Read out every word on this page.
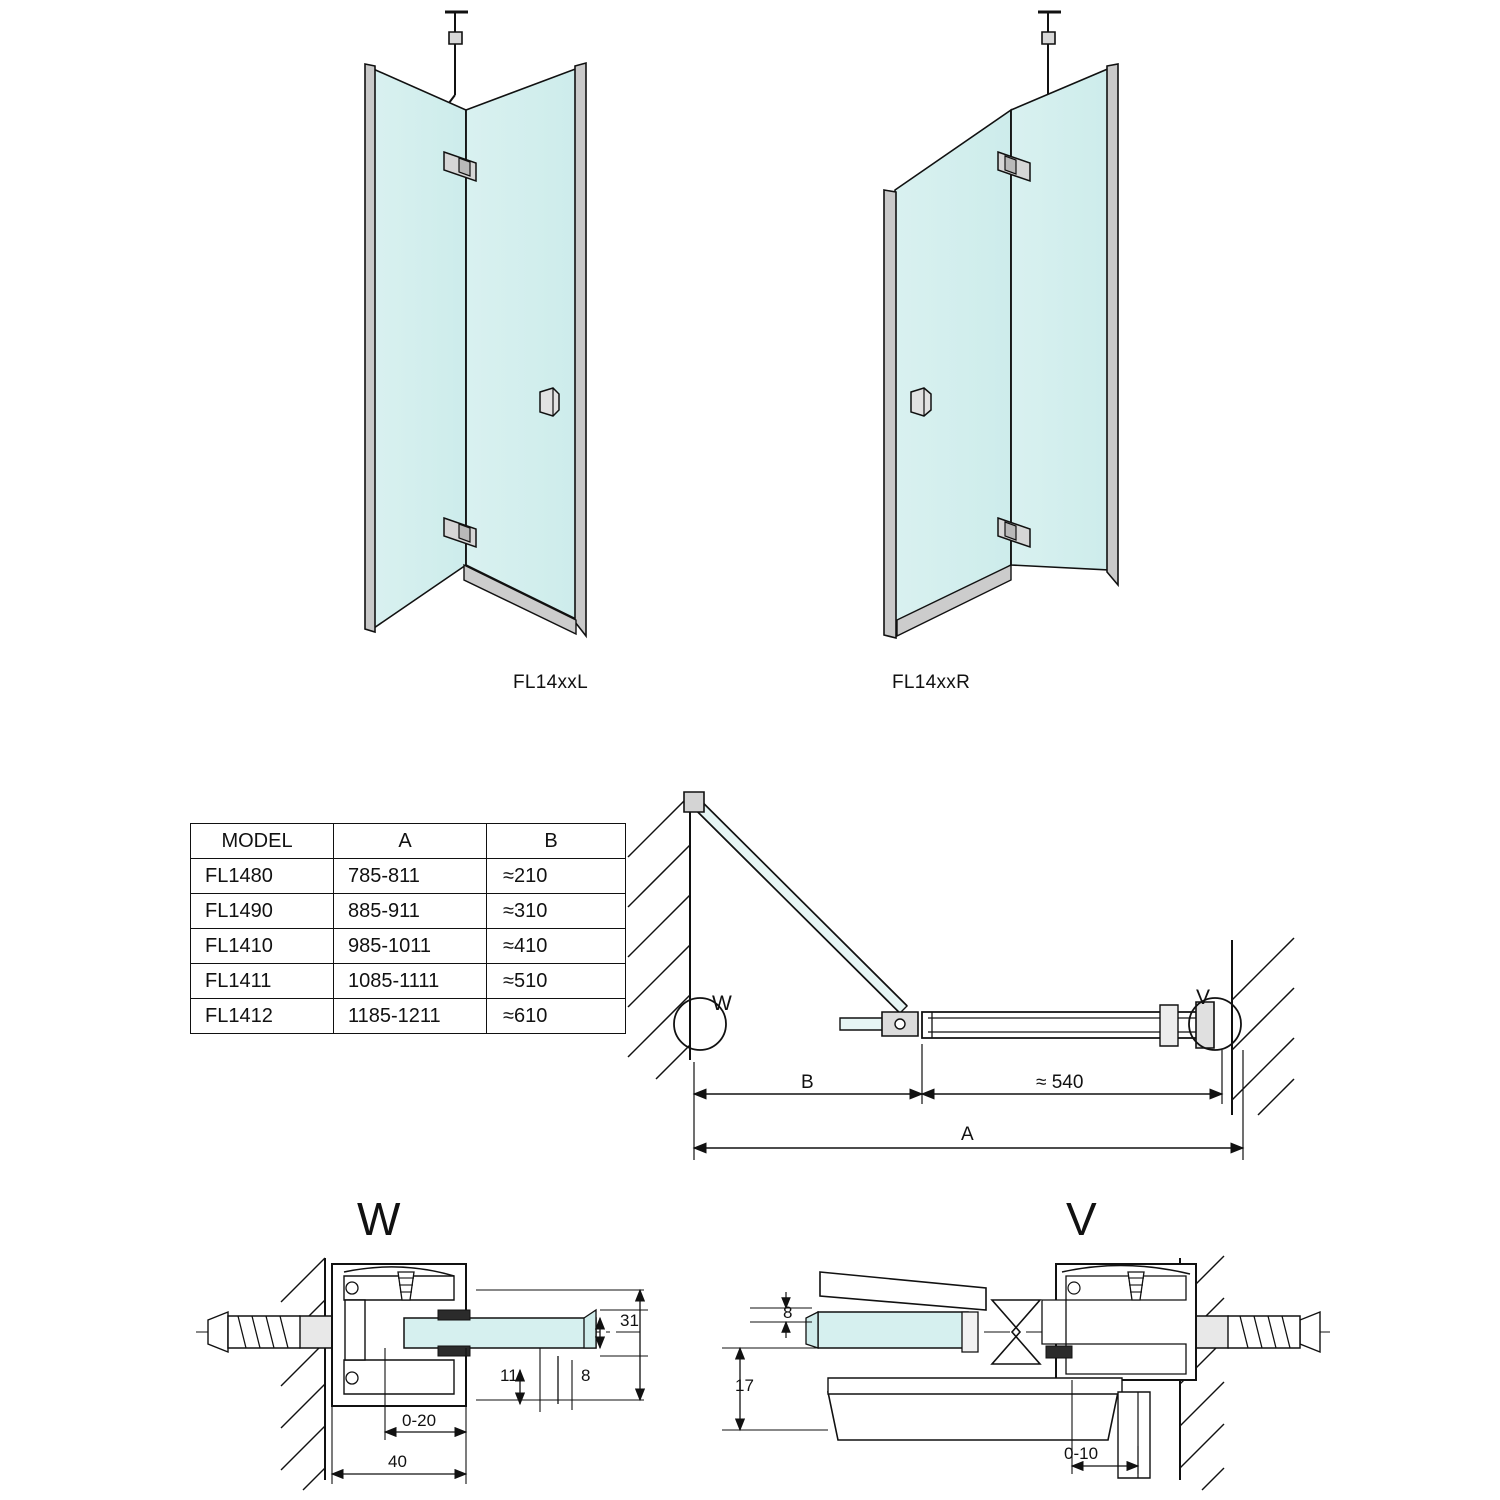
FL14xxL	FL14xxR
MODEL	A	B
FL1480	785-811	≈210
FL1490	885-911	≈310
FL1410	985-1011	≈410
FL1411	1085-1111	≈510
FL1412	1185-1211	≈610
W	V
B	≈ 540
A
W	V
31
11	8
0-20
40
8
17
0-10
